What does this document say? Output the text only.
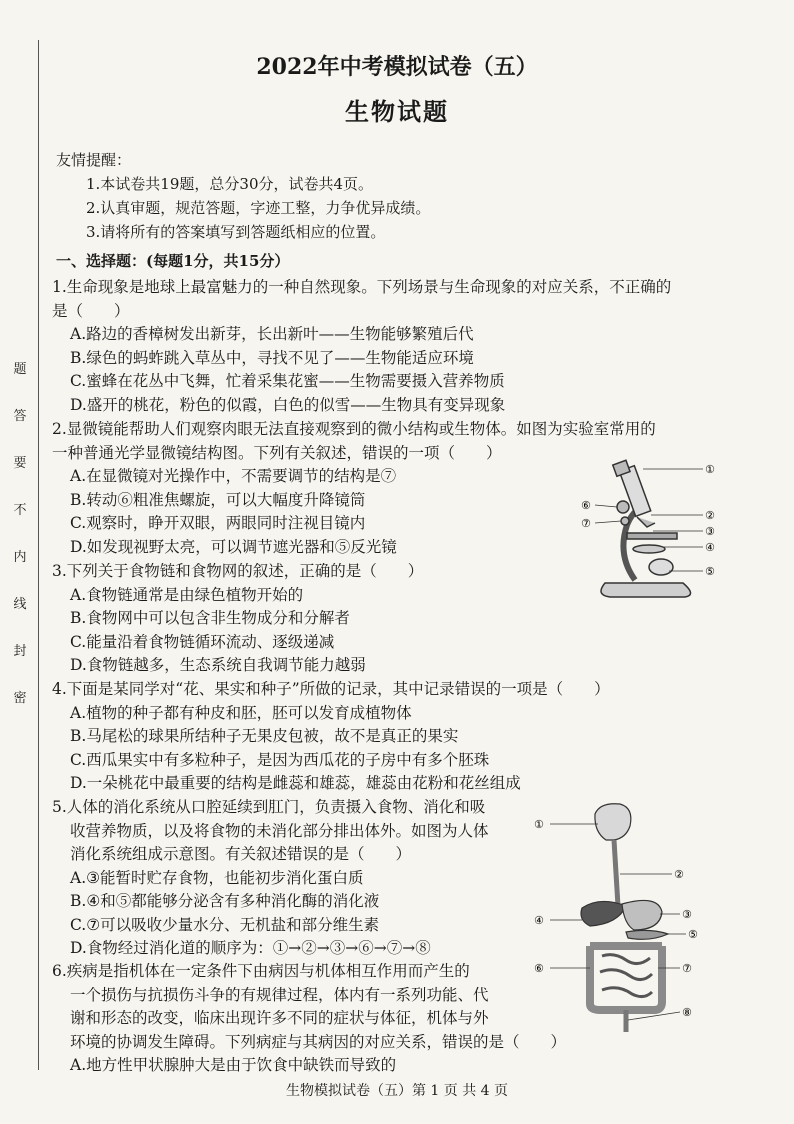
题
答
要
不
内
线
封
密
2022年中考模拟试卷（五）
生物试题
友情提醒：
1.本试卷共19题，总分30分，试卷共4页。
2.认真审题，规范答题，字迹工整，力争优异成绩。
3.请将所有的答案填写到答题纸相应的位置。
一、选择题：(每题1分，共15分）
1.生命现象是地球上最富魅力的一种自然现象。下列场景与生命现象的对应关系，不正确的
是（　　）
A.路边的香樟树发出新芽，长出新叶——生物能够繁殖后代
B.绿色的蚂蚱跳入草丛中，寻找不见了——生物能适应环境
C.蜜蜂在花丛中飞舞，忙着采集花蜜——生物需要摄入营养物质
D.盛开的桃花，粉色的似霞，白色的似雪——生物具有变异现象
2.显微镜能帮助人们观察肉眼无法直接观察到的微小结构或生物体。如图为实验室常用的
一种普通光学显微镜结构图。下列有关叙述，错误的一项（　　）
A.在显微镜对光操作中，不需要调节的结构是⑦
B.转动⑥粗准焦螺旋，可以大幅度升降镜筒
C.观察时，睁开双眼，两眼同时注视目镜内
D.如发现视野太亮，可以调节遮光器和⑤反光镜
3.下列关于食物链和食物网的叙述，正确的是（　　）
A.食物链通常是由绿色植物开始的
B.食物网中可以包含非生物成分和分解者
C.能量沿着食物链循环流动、逐级递减
D.食物链越多，生态系统自我调节能力越弱
4.下面是某同学对“花、果实和种子”所做的记录，其中记录错误的一项是（　　）
A.植物的种子都有种皮和胚，胚可以发育成植物体
B.马尾松的球果所结种子无果皮包被，故不是真正的果实
C.西瓜果实中有多粒种子，是因为西瓜花的子房中有多个胚珠
D.一朵桃花中最重要的结构是雌蕊和雄蕊，雄蕊由花粉和花丝组成
5.人体的消化系统从口腔延续到肛门，负责摄入食物、消化和吸
收营养物质，以及将食物的未消化部分排出体外。如图为人体
消化系统组成示意图。有关叙述错误的是（　　）
A.③能暂时贮存食物，也能初步消化蛋白质
B.④和⑤都能够分泌含有多种消化酶的消化液
C.⑦可以吸收少量水分、无机盐和部分维生素
D.食物经过消化道的顺序为：①→②→③→⑥→⑦→⑧
6.疾病是指机体在一定条件下由病因与机体相互作用而产生的
一个损伤与抗损伤斗争的有规律过程，体内有一系列功能、代
谢和形态的改变，临床出现许多不同的症状与体征，机体与外
环境的协调发生障碍。下列病症与其病因的对应关系，错误的是（　　）
A.地方性甲状腺肿大是由于饮食中缺铁而导致的
①
②
③
④
⑤
⑥
⑦
①
②
③
④
⑤
⑥	⑦
⑧
生物模拟试卷（五）第 1 页 共 4 页
